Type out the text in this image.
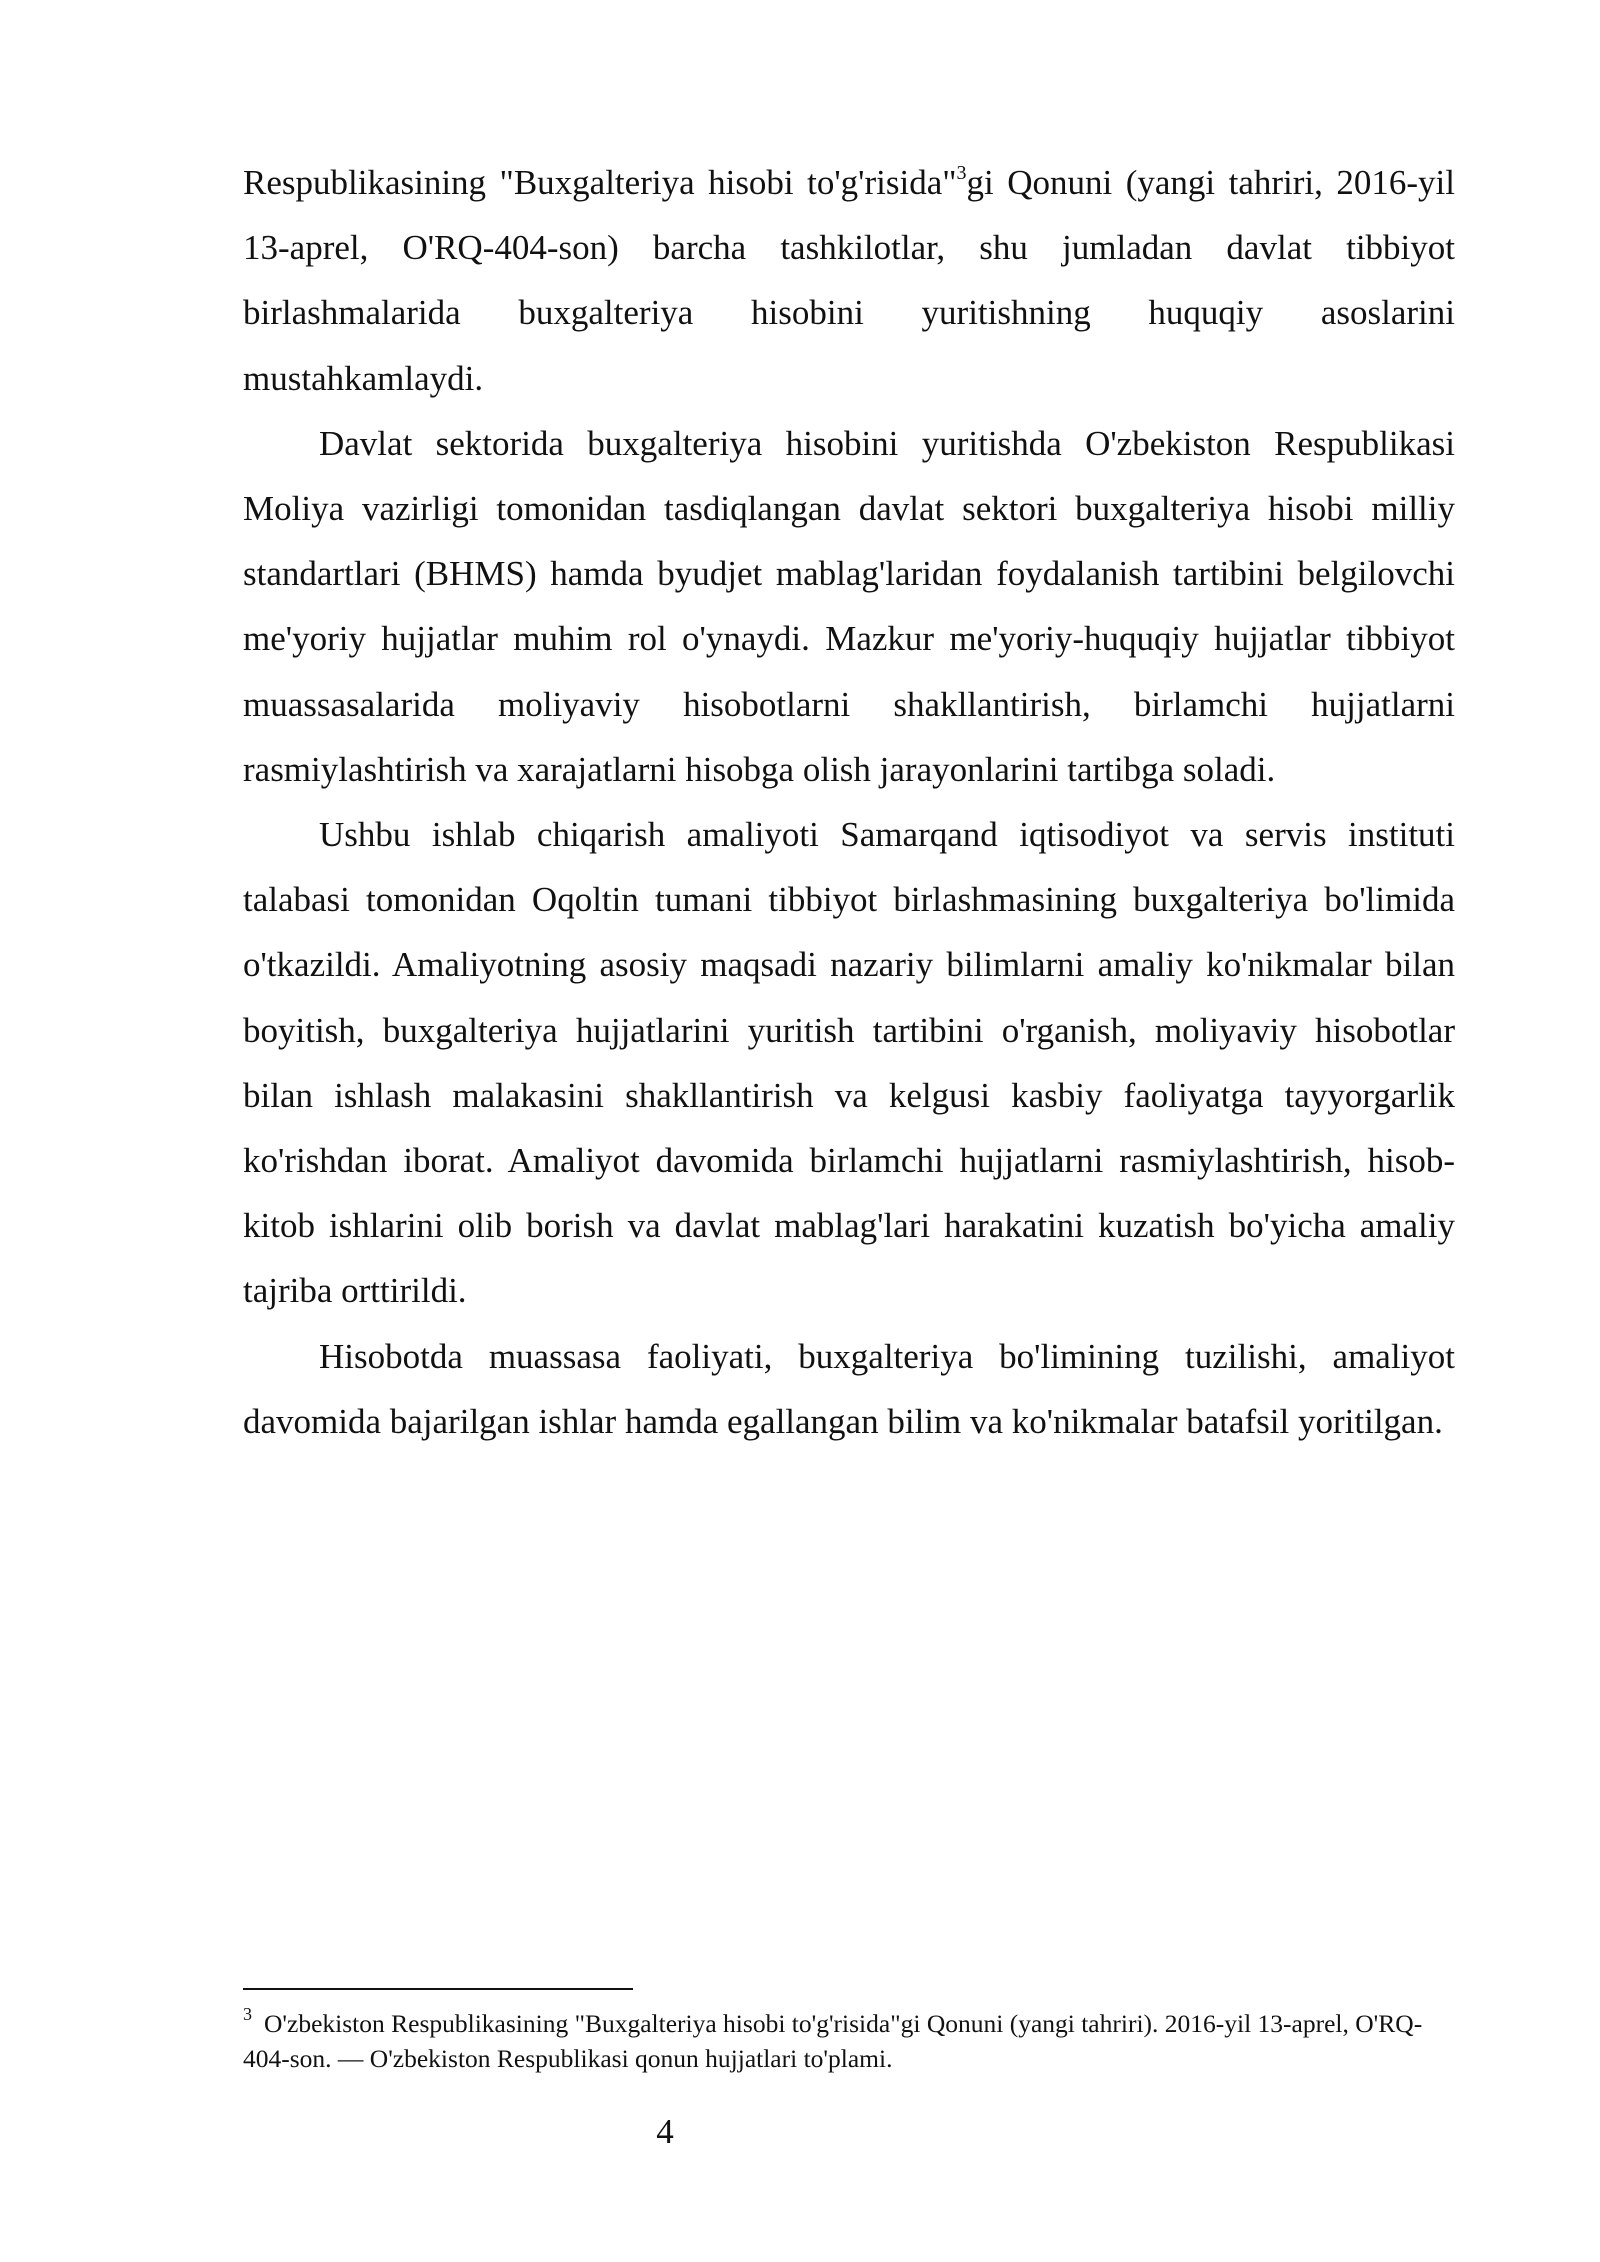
Respublikasining "Buxgalteriya hisobi to'g'risida"$^3$gi Qonuni (yangi tahriri, 2016-yil 13-aprel, O'RQ-404-son) barcha tashkilotlar, shu jumladan davlat tibbiyot birlashmalarida buxgalteriya hisobini yuritishning huquqiy asoslarini mustahkamlaydi.

Davlat sektorida buxgalteriya hisobini yuritishda O'zbekiston Respublikasi Moliya vazirligi tomonidan tasdiqlangan davlat sektori buxgalteriya hisobi milliy standartlari (BHMS) hamda byudjet mablag'laridan foydalanish tartibini belgilovchi me'yoriy hujjatlar muhim rol o'ynaydi. Mazkur me'yoriy-huquqiy hujjatlar tibbiyot muassasalarida moliyaviy hisobotlarni shakllantirish, birlamchi hujjatlarni rasmiylashtirish va xarajatlarni hisobga olish jarayonlarini tartibga soladi.

Ushbu ishlab chiqarish amaliyoti Samarqand iqtisodiyot va servis instituti talabasi tomonidan Oqoltin tumani tibbiyot birlashmasining buxgalteriya bo'limida o'tkazildi. Amaliyotning asosiy maqsadi nazariy bilimlarni amaliy ko'nikmalar bilan boyitish, buxgalteriya hujjatlarini yuritish tartibini o'rganish, moliyaviy hisobotlar bilan ishlash malakasini shakllantirish va kelgusi kasbiy faoliyatga tayyorgarlik ko'rishdan iborat. Amaliyot davomida birlamchi hujjatlarni rasmiylashtirish, hisob-kitob ishlarini olib borish va davlat mablag'lari harakatini kuzatish bo'yicha amaliy tajriba orttirildi.

Hisobotda muassasa faoliyati, buxgalteriya bo'limining tuzilishi, amaliyot davomida bajarilgan ishlar hamda egallangan bilim va ko'nikmalar batafsil yoritilgan.

$^3$ O'zbekiston Respublikasining "Buxgalteriya hisobi to'g'risida"gi Qonuni (yangi tahriri). 2016-yil 13-aprel, O'RQ-404-son. — O'zbekiston Respublikasi qonun hujjatlari to'plami.
4
